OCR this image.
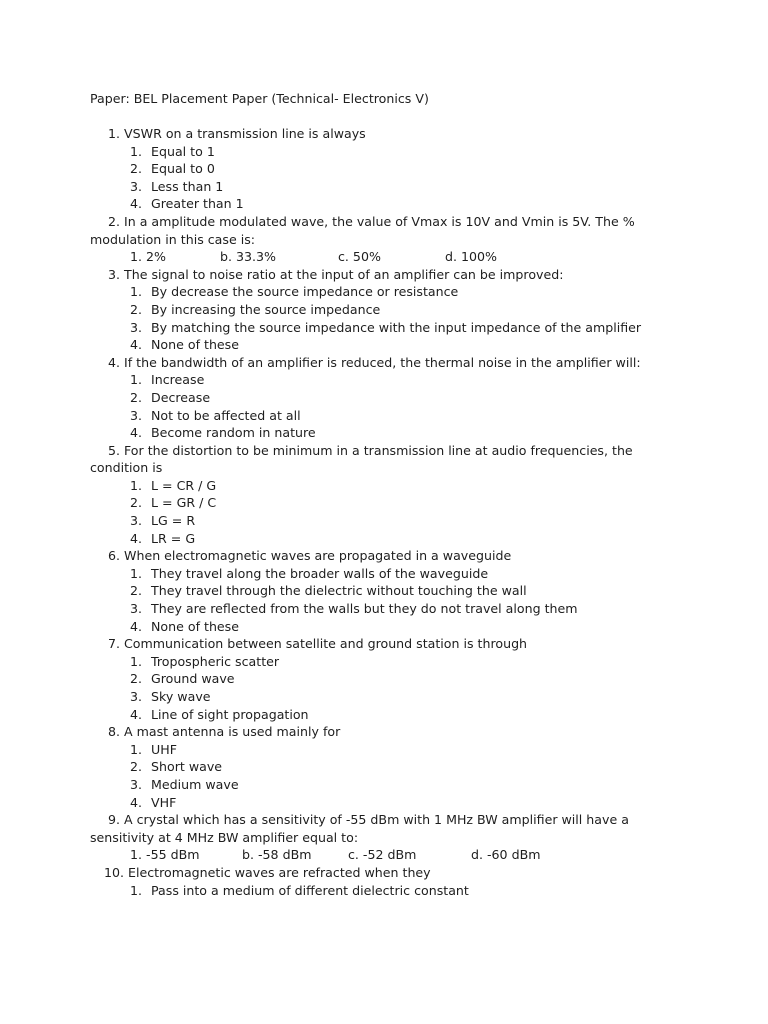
Paper: BEL Placement Paper (Technical- Electronics V)
1. VSWR on a transmission line is always
1. Equal to 1
2. Equal to 0
3. Less than 1
4. Greater than 1
2. In a amplitude modulated wave, the value of Vmax is 10V and Vmin is 5V. The %
modulation in this case is:
1. 2%	b. 33.3%	c. 50%	d. 100%
3. The signal to noise ratio at the input of an amplifier can be improved:
1. By decrease the source impedance or resistance
2. By increasing the source impedance
3. By matching the source impedance with the input impedance of the amplifier
4. None of these
4. If the bandwidth of an amplifier is reduced, the thermal noise in the amplifier will:
1. Increase
2. Decrease
3. Not to be affected at all
4. Become random in nature
5. For the distortion to be minimum in a transmission line at audio frequencies, the
condition is
1. L = CR / G
2. L = GR / C
3. LG = R
4. LR = G
6. When electromagnetic waves are propagated in a waveguide
1. They travel along the broader walls of the waveguide
2. They travel through the dielectric without touching the wall
3. They are reflected from the walls but they do not travel along them
4. None of these
7. Communication between satellite and ground station is through
1. Tropospheric scatter
2. Ground wave
3. Sky wave
4. Line of sight propagation
8. A mast antenna is used mainly for
1. UHF
2. Short wave
3. Medium wave
4. VHF
9. A crystal which has a sensitivity of -55 dBm with 1 MHz BW amplifier will have a
sensitivity at 4 MHz BW amplifier equal to:
1. -55 dBm	b. -58 dBm	c. -52 dBm	d. -60 dBm
10. Electromagnetic waves are refracted when they
1. Pass into a medium of different dielectric constant
